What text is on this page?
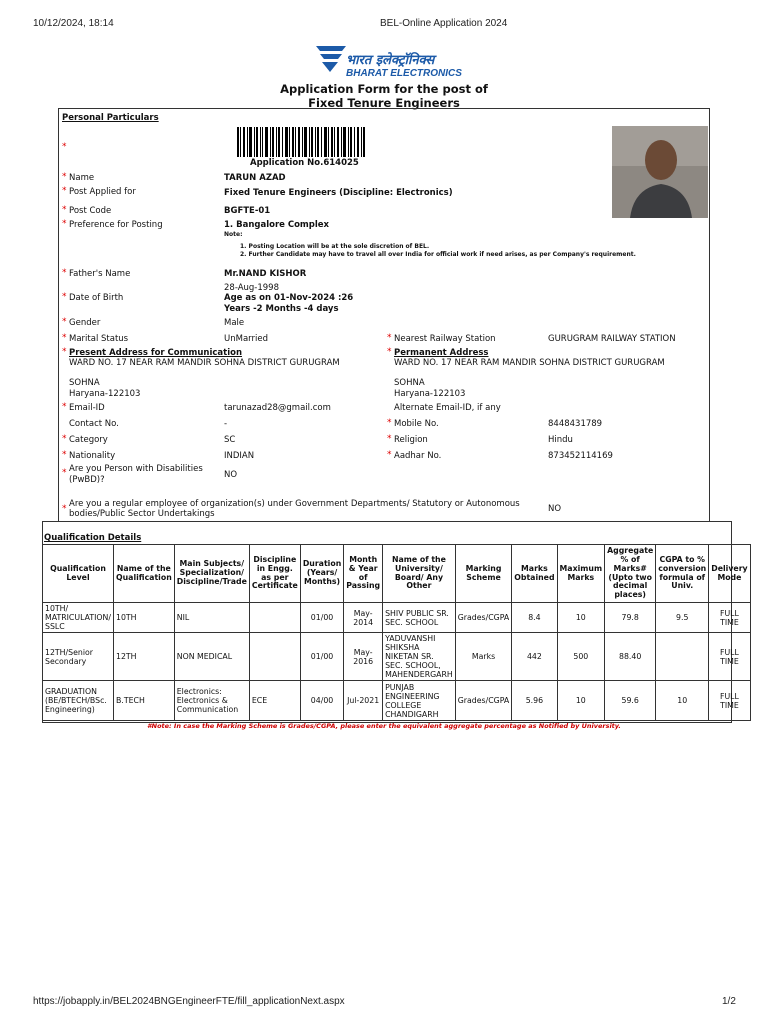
10/12/2024, 18:14	BEL-Online Application 2024
भारत इलेक्ट्रॉनिक्स
BHARAT ELECTRONICS
Application Form for the post of
Fixed Tenure Engineers
Personal Particulars
Application No.614025
*
* Name	TARUN AZAD
* Post Applied for	Fixed Tenure Engineers (Discipline: Electronics)
* Post Code	BGFTE-01
* Preference for Posting	1. Bangalore Complex
Note:
1. Posting Location will be at the sole discretion of BEL.
2. Further Candidate may have to travel all over India for official work if need arises, as per Company's requirement.
* Father's Name	Mr.NAND KISHOR
28-Aug-1998
* Date of Birth	Age as on 01-Nov-2024 :26
Years -2 Months -4 days
* Gender	Male
* Marital Status	UnMarried	* Nearest Railway Station	GURUGRAM RAILWAY STATION
* Present Address for Communication
WARD NO. 17 NEAR RAM MANDIR SOHNA DISTRICT GURUGRAM
SOHNA
Haryana-122103
* Permanent Address
WARD NO. 17 NEAR RAM MANDIR SOHNA DISTRICT GURUGRAM
SOHNA
Haryana-122103
* Email-ID	tarunazad28@gmail.com	Alternate Email-ID, if any
Contact No.	-	* Mobile No.	8448431789
* Category	SC	* Religion	Hindu
* Nationality	INDIAN	* Aadhar No.	873452114169
* Are you Person with Disabilities
(PwBD)?	NO
* Are you a regular employee of organization(s) under Government Departments/ Statutory or Autonomous
bodies/Public Sector Undertakings	NO
Qualification Details
Qualification Level	Name of the Qualification	Main Subjects/ Specialization/ Discipline/Trade	Discipline in Engg. as per Certificate	Duration (Years/ Months)	Month & Year of Passing	Name of the University/ Board/ Any Other	Marking Scheme	Marks Obtained	Maximum Marks	Aggregate % of Marks# (Upto two decimal places)	CGPA to % conversion formula of Univ.	Delivery Mode
10TH/ MATRICULATION/ SSLC	10TH	NIL		01/00	May-2014	SHIV PUBLIC SR. SEC. SCHOOL	Grades/CGPA	8.4	10	79.8	9.5	FULL TIME
12TH/Senior Secondary	12TH	NON MEDICAL		01/00	May-2016	YADUVANSHI SHIKSHA NIKETAN SR. SEC. SCHOOL, MAHENDERGARH	Marks	442	500	88.40		FULL TIME
GRADUATION (BE/BTECH/BSc. Engineering)	B.TECH	Electronics: Electronics & Communication	ECE	04/00	Jul-2021	PUNJAB ENGINEERING COLLEGE CHANDIGARH	Grades/CGPA	5.96	10	59.6	10	FULL TIME
#Note: In case the Marking Scheme is Grades/CGPA, please enter the equivalent aggregate percentage as Notified by University.
https://jobapply.in/BEL2024BNGEngineerFTE/fill_applicationNext.aspx	1/2
